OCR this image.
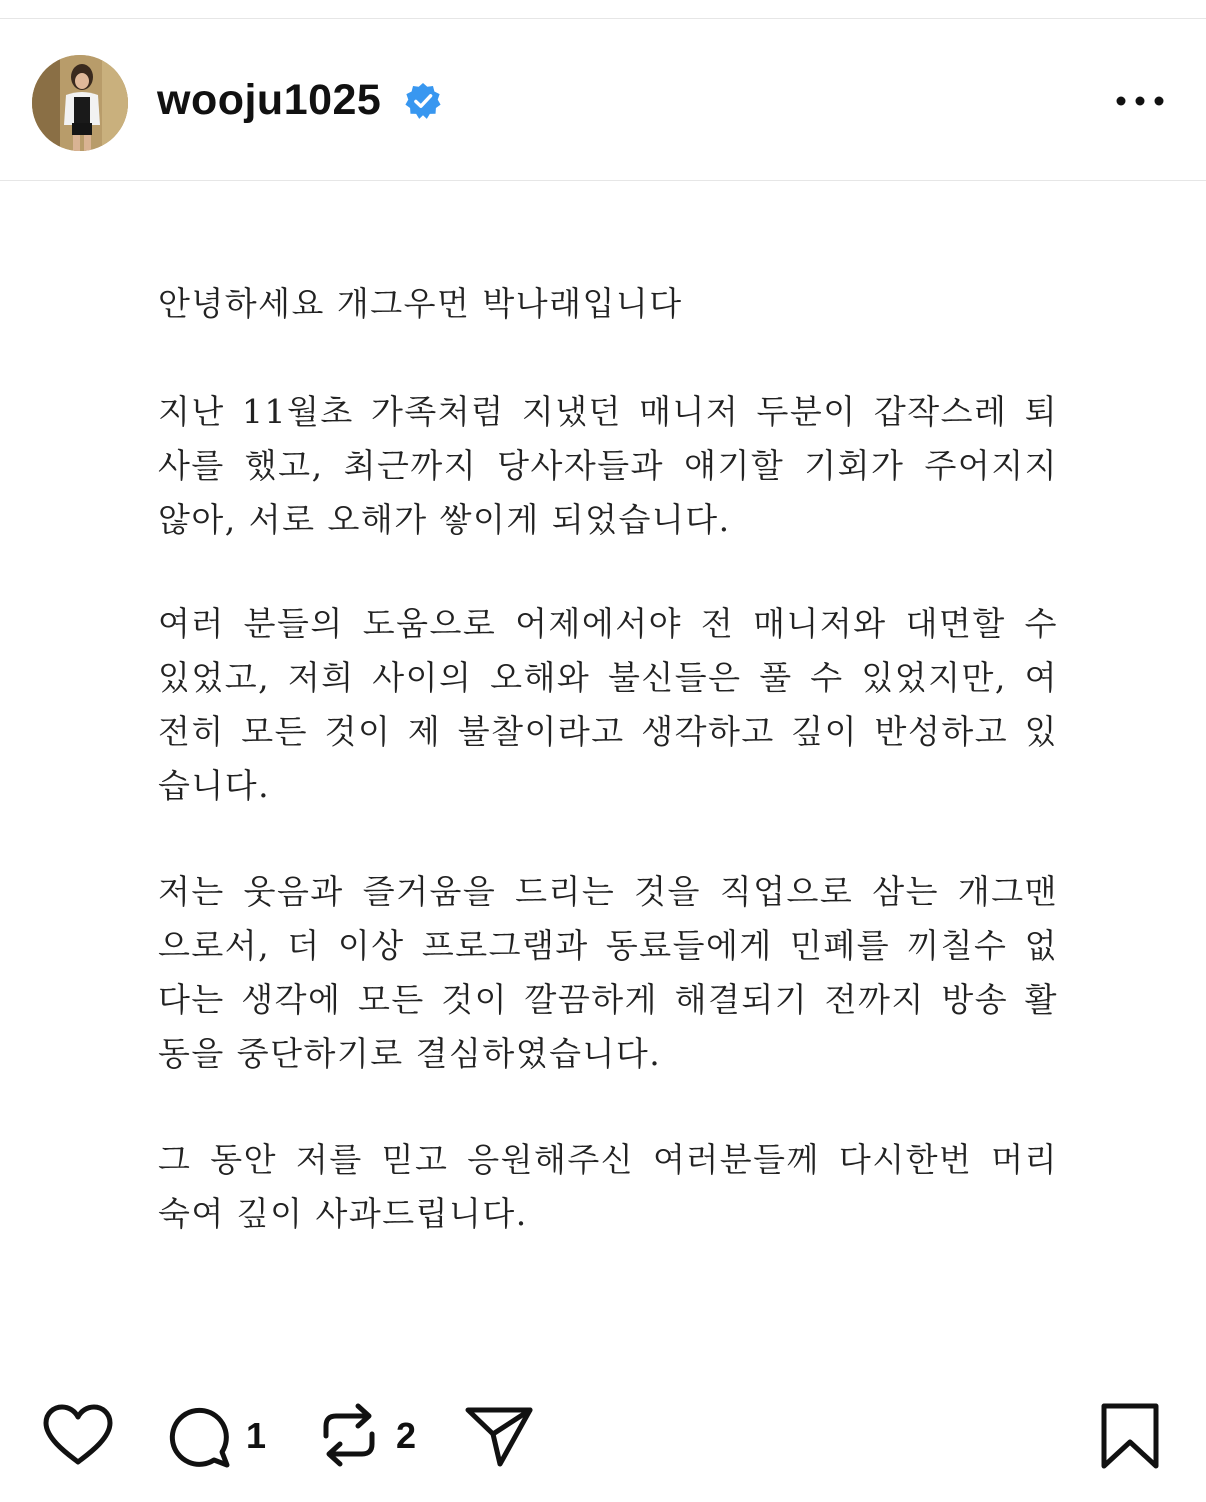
wooju1025
안녕하세요 개그우먼 박나래입니다
지난 11월초 가족처럼 지냈던 매니저 두분이 갑작스레 퇴
사를 했고, 최근까지 당사자들과 얘기할 기회가 주어지지
않아, 서로 오해가 쌓이게 되었습니다.
여러 분들의 도움으로 어제에서야 전 매니저와 대면할 수
있었고, 저희 사이의 오해와 불신들은 풀 수 있었지만, 여
전히 모든 것이 제 불찰이라고 생각하고 깊이 반성하고 있
습니다.
저는 웃음과 즐거움을 드리는 것을 직업으로 삼는 개그맨
으로서, 더 이상 프로그램과 동료들에게 민폐를 끼칠수 없
다는 생각에 모든 것이 깔끔하게 해결되기 전까지 방송 활
동을 중단하기로 결심하였습니다.
그 동안 저를 믿고 응원해주신 여러분들께 다시한번 머리
숙여 깊이 사과드립니다.
1	2
